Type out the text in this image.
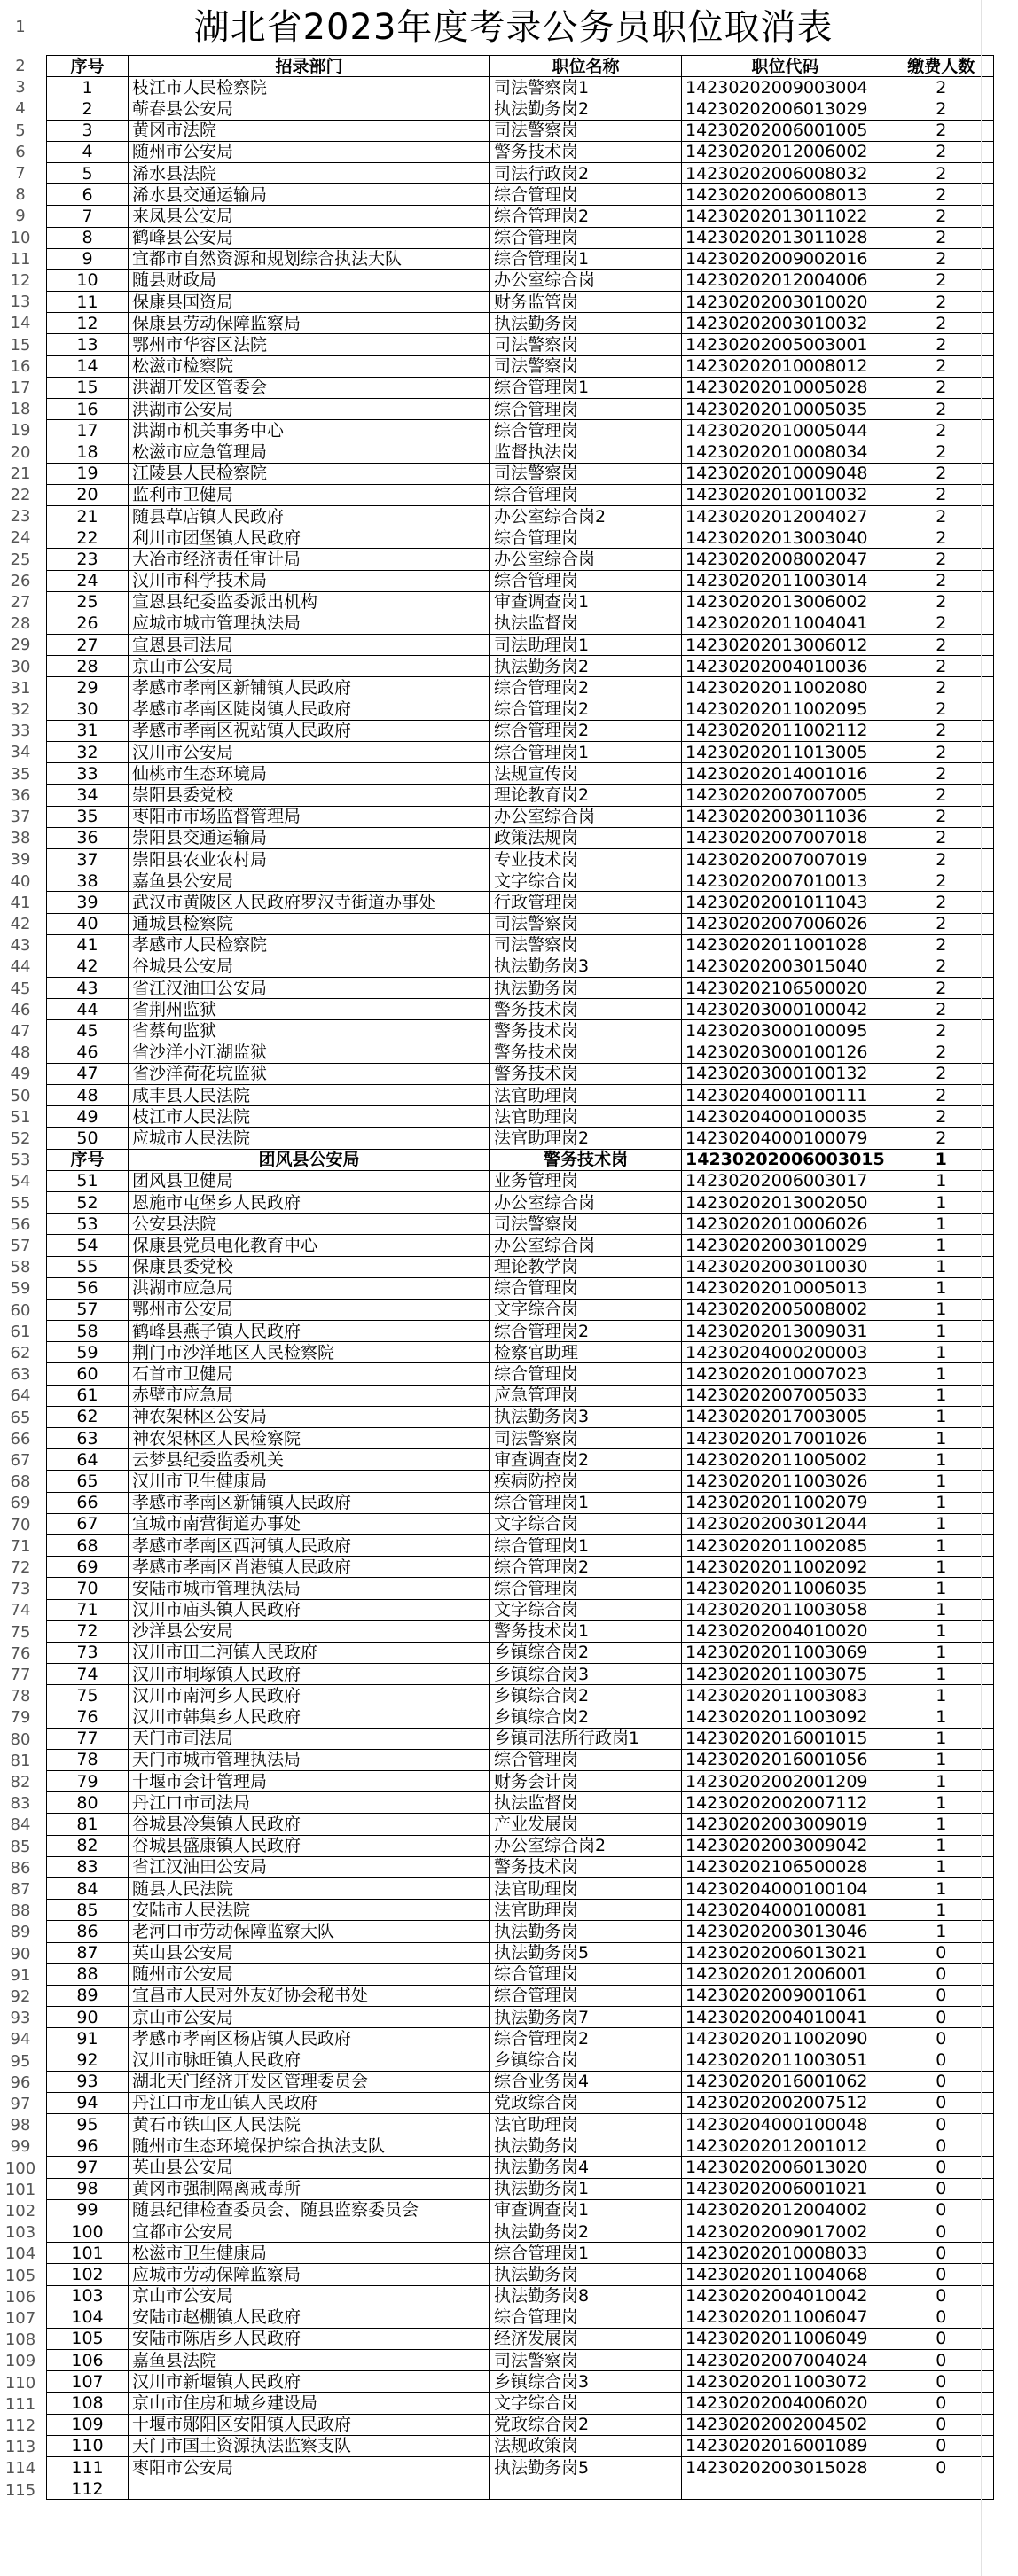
1
2
3
4
5
6
7
8
9
10
11
12
13
14
15
16
17
18
19
20
21
22
23
24
25
26
27
28
29
30
31
32
33
34
35
36
37
38
39
40
41
42
43
44
45
46
47
48
49
50
51
52
53
54
55
56
57
58
59
60
61
62
63
64
65
66
67
68
69
70
71
72
73
74
75
76
77
78
79
80
81
82
83
84
85
86
87
88
89
90
91
92
93
94
95
96
97
98
99
100
101
102
103
104
105
106
107
108
109
110
111
112
113
114
115
湖北省2023年度考录公务员职位取消表
序号	招录部门	职位名称	职位代码	缴费人数
1	枝江市人民检察院	司法警察岗1	14230202009003004	2
2	蕲春县公安局	执法勤务岗2	14230202006013029	2
3	黄冈市法院	司法警察岗	14230202006001005	2
4	随州市公安局	警务技术岗	14230202012006002	2
5	浠水县法院	司法行政岗2	14230202006008032	2
6	浠水县交通运输局	综合管理岗	14230202006008013	2
7	来凤县公安局	综合管理岗2	14230202013011022	2
8	鹤峰县公安局	综合管理岗	14230202013011028	2
9	宜都市自然资源和规划综合执法大队	综合管理岗1	14230202009002016	2
10	随县财政局	办公室综合岗	14230202012004006	2
11	保康县国资局	财务监管岗	14230202003010020	2
12	保康县劳动保障监察局	执法勤务岗	14230202003010032	2
13	鄂州市华容区法院	司法警察岗	14230202005003001	2
14	松滋市检察院	司法警察岗	14230202010008012	2
15	洪湖开发区管委会	综合管理岗1	14230202010005028	2
16	洪湖市公安局	综合管理岗	14230202010005035	2
17	洪湖市机关事务中心	综合管理岗	14230202010005044	2
18	松滋市应急管理局	监督执法岗	14230202010008034	2
19	江陵县人民检察院	司法警察岗	14230202010009048	2
20	监利市卫健局	综合管理岗	14230202010010032	2
21	随县草店镇人民政府	办公室综合岗2	14230202012004027	2
22	利川市团堡镇人民政府	综合管理岗	14230202013003040	2
23	大冶市经济责任审计局	办公室综合岗	14230202008002047	2
24	汉川市科学技术局	综合管理岗	14230202011003014	2
25	宣恩县纪委监委派出机构	审查调查岗1	14230202013006002	2
26	应城市城市管理执法局	执法监督岗	14230202011004041	2
27	宣恩县司法局	司法助理岗1	14230202013006012	2
28	京山市公安局	执法勤务岗2	14230202004010036	2
29	孝感市孝南区新铺镇人民政府	综合管理岗2	14230202011002080	2
30	孝感市孝南区陡岗镇人民政府	综合管理岗2	14230202011002095	2
31	孝感市孝南区祝站镇人民政府	综合管理岗2	14230202011002112	2
32	汉川市公安局	综合管理岗1	14230202011013005	2
33	仙桃市生态环境局	法规宣传岗	14230202014001016	2
34	崇阳县委党校	理论教育岗2	14230202007007005	2
35	枣阳市市场监督管理局	办公室综合岗	14230202003011036	2
36	崇阳县交通运输局	政策法规岗	14230202007007018	2
37	崇阳县农业农村局	专业技术岗	14230202007007019	2
38	嘉鱼县公安局	文字综合岗	14230202007010013	2
39	武汉市黄陂区人民政府罗汉寺街道办事处	行政管理岗	14230202001011043	2
40	通城县检察院	司法警察岗	14230202007006026	2
41	孝感市人民检察院	司法警察岗	14230202011001028	2
42	谷城县公安局	执法勤务岗3	14230202003015040	2
43	省江汉油田公安局	执法勤务岗	14230202106500020	2
44	省荆州监狱	警务技术岗	14230203000100042	2
45	省蔡甸监狱	警务技术岗	14230203000100095	2
46	省沙洋小江湖监狱	警务技术岗	14230203000100126	2
47	省沙洋荷花垸监狱	警务技术岗	14230203000100132	2
48	咸丰县人民法院	法官助理岗	14230204000100111	2
49	枝江市人民法院	法官助理岗	14230204000100035	2
50	应城市人民法院	法官助理岗2	14230204000100079	2
序号	团风县公安局	警务技术岗	14230202006003015	1
51	团风县卫健局	业务管理岗	14230202006003017	1
52	恩施市屯堡乡人民政府	办公室综合岗	14230202013002050	1
53	公安县法院	司法警察岗	14230202010006026	1
54	保康县党员电化教育中心	办公室综合岗	14230202003010029	1
55	保康县委党校	理论教学岗	14230202003010030	1
56	洪湖市应急局	综合管理岗	14230202010005013	1
57	鄂州市公安局	文字综合岗	14230202005008002	1
58	鹤峰县燕子镇人民政府	综合管理岗2	14230202013009031	1
59	荆门市沙洋地区人民检察院	检察官助理	14230204000200003	1
60	石首市卫健局	综合管理岗	14230202010007023	1
61	赤壁市应急局	应急管理岗	14230202007005033	1
62	神农架林区公安局	执法勤务岗3	14230202017003005	1
63	神农架林区人民检察院	司法警察岗	14230202017001026	1
64	云梦县纪委监委机关	审查调查岗2	14230202011005002	1
65	汉川市卫生健康局	疾病防控岗	14230202011003026	1
66	孝感市孝南区新铺镇人民政府	综合管理岗1	14230202011002079	1
67	宜城市南营街道办事处	文字综合岗	14230202003012044	1
68	孝感市孝南区西河镇人民政府	综合管理岗1	14230202011002085	1
69	孝感市孝南区肖港镇人民政府	综合管理岗2	14230202011002092	1
70	安陆市城市管理执法局	综合管理岗	14230202011006035	1
71	汉川市庙头镇人民政府	文字综合岗	14230202011003058	1
72	沙洋县公安局	警务技术岗1	14230202004010020	1
73	汉川市田二河镇人民政府	乡镇综合岗2	14230202011003069	1
74	汉川市垌塚镇人民政府	乡镇综合岗3	14230202011003075	1
75	汉川市南河乡人民政府	乡镇综合岗2	14230202011003083	1
76	汉川市韩集乡人民政府	乡镇综合岗2	14230202011003092	1
77	天门市司法局	乡镇司法所行政岗1	14230202016001015	1
78	天门市城市管理执法局	综合管理岗	14230202016001056	1
79	十堰市会计管理局	财务会计岗	14230202002001209	1
80	丹江口市司法局	执法监督岗	14230202002007112	1
81	谷城县冷集镇人民政府	产业发展岗	14230202003009019	1
82	谷城县盛康镇人民政府	办公室综合岗2	14230202003009042	1
83	省江汉油田公安局	警务技术岗	14230202106500028	1
84	随县人民法院	法官助理岗	14230204000100104	1
85	安陆市人民法院	法官助理岗	14230204000100081	1
86	老河口市劳动保障监察大队	执法勤务岗	14230202003013046	1
87	英山县公安局	执法勤务岗5	14230202006013021	0
88	随州市公安局	综合管理岗	14230202012006001	0
89	宜昌市人民对外友好协会秘书处	综合管理岗	14230202009001061	0
90	京山市公安局	执法勤务岗7	14230202004010041	0
91	孝感市孝南区杨店镇人民政府	综合管理岗2	14230202011002090	0
92	汉川市脉旺镇人民政府	乡镇综合岗	14230202011003051	0
93	湖北天门经济开发区管理委员会	综合业务岗4	14230202016001062	0
94	丹江口市龙山镇人民政府	党政综合岗	14230202002007512	0
95	黄石市铁山区人民法院	法官助理岗	14230204000100048	0
96	随州市生态环境保护综合执法支队	执法勤务岗	14230202012001012	0
97	英山县公安局	执法勤务岗4	14230202006013020	0
98	黄冈市强制隔离戒毒所	执法勤务岗1	14230202006001021	0
99	随县纪律检查委员会、随县监察委员会	审查调查岗1	14230202012004002	0
100	宜都市公安局	执法勤务岗2	14230202009017002	0
101	松滋市卫生健康局	综合管理岗1	14230202010008033	0
102	应城市劳动保障监察局	执法勤务岗	14230202011004068	0
103	京山市公安局	执法勤务岗8	14230202004010042	0
104	安陆市赵棚镇人民政府	综合管理岗	14230202011006047	0
105	安陆市陈店乡人民政府	经济发展岗	14230202011006049	0
106	嘉鱼县法院	司法警察岗	14230202007004024	0
107	汉川市新堰镇人民政府	乡镇综合岗3	14230202011003072	0
108	京山市住房和城乡建设局	文字综合岗	14230202004006020	0
109	十堰市郧阳区安阳镇人民政府	党政综合岗2	14230202002004502	0
110	天门市国土资源执法监察支队	法规政策岗	14230202016001089	0
111	枣阳市公安局	执法勤务岗5	14230202003015028	0
112				
